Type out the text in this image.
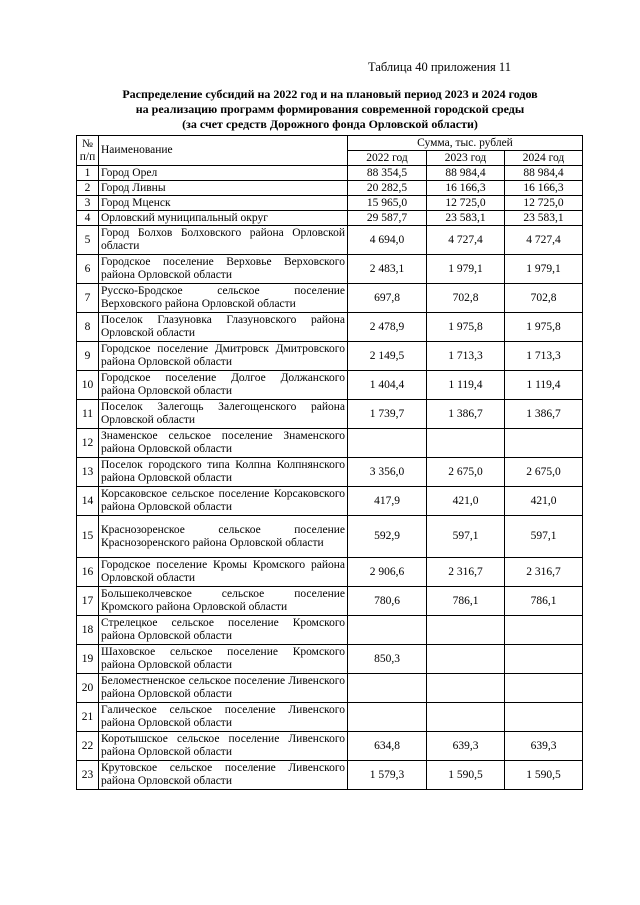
Таблица 40 приложения 11
Распределение субсидий на 2022 год и на плановый период 2023 и 2024 годов
на реализацию программ формирования современной городской среды
(за счет средств Дорожного фонда Орловской области)
№ п/п	Наименование	Сумма, тыс. рублей		
		2022 год	2023 год	2024 год
1	Город Орел	88 354,5	88 984,4	88 984,4
2	Город Ливны	20 282,5	16 166,3	16 166,3
3	Город Мценск	15 965,0	12 725,0	12 725,0
4	Орловский муниципальный округ	29 587,7	23 583,1	23 583,1
5	Город Болхов Болховского района Орловской области	4 694,0	4 727,4	4 727,4
6	Городское поселение Верховье Верховского района Орловской области	2 483,1	1 979,1	1 979,1
7	Русско-Бродское сельское поселение Верховского района Орловской области	697,8	702,8	702,8
8	Поселок Глазуновка Глазуновского района Орловской области	2 478,9	1 975,8	1 975,8
9	Городское поселение Дмитровск Дмитровского района Орловской области	2 149,5	1 713,3	1 713,3
10	Городское поселение Долгое Должанского района Орловской области	1 404,4	1 119,4	1 119,4
11	Поселок Залегощь Залегощенского района Орловской области	1 739,7	1 386,7	1 386,7
12	Знаменское сельское поселение Знаменского района Орловской области			
13	Поселок городского типа Колпна Колпнянского района Орловской области	3 356,0	2 675,0	2 675,0
14	Корсаковское сельское поселение Корсаковского района Орловской области	417,9	421,0	421,0
15	Краснозоренское сельское поселение Краснозоренского района Орловской области	592,9	597,1	597,1
16	Городское поселение Кромы Кромского района Орловской области	2 906,6	2 316,7	2 316,7
17	Большеколчевское сельское поселение Кромского района Орловской области	780,6	786,1	786,1
18	Стрелецкое сельское поселение Кромского района Орловской области			
19	Шаховское сельское поселение Кромского района Орловской области	850,3		
20	Беломестненское сельское поселение Ливенского района Орловской области			
21	Галическое сельское поселение Ливенского района Орловской области			
22	Коротышское сельское поселение Ливенского района Орловской области	634,8	639,3	639,3
23	Крутовское сельское поселение Ливенского района Орловской области	1 579,3	1 590,5	1 590,5
